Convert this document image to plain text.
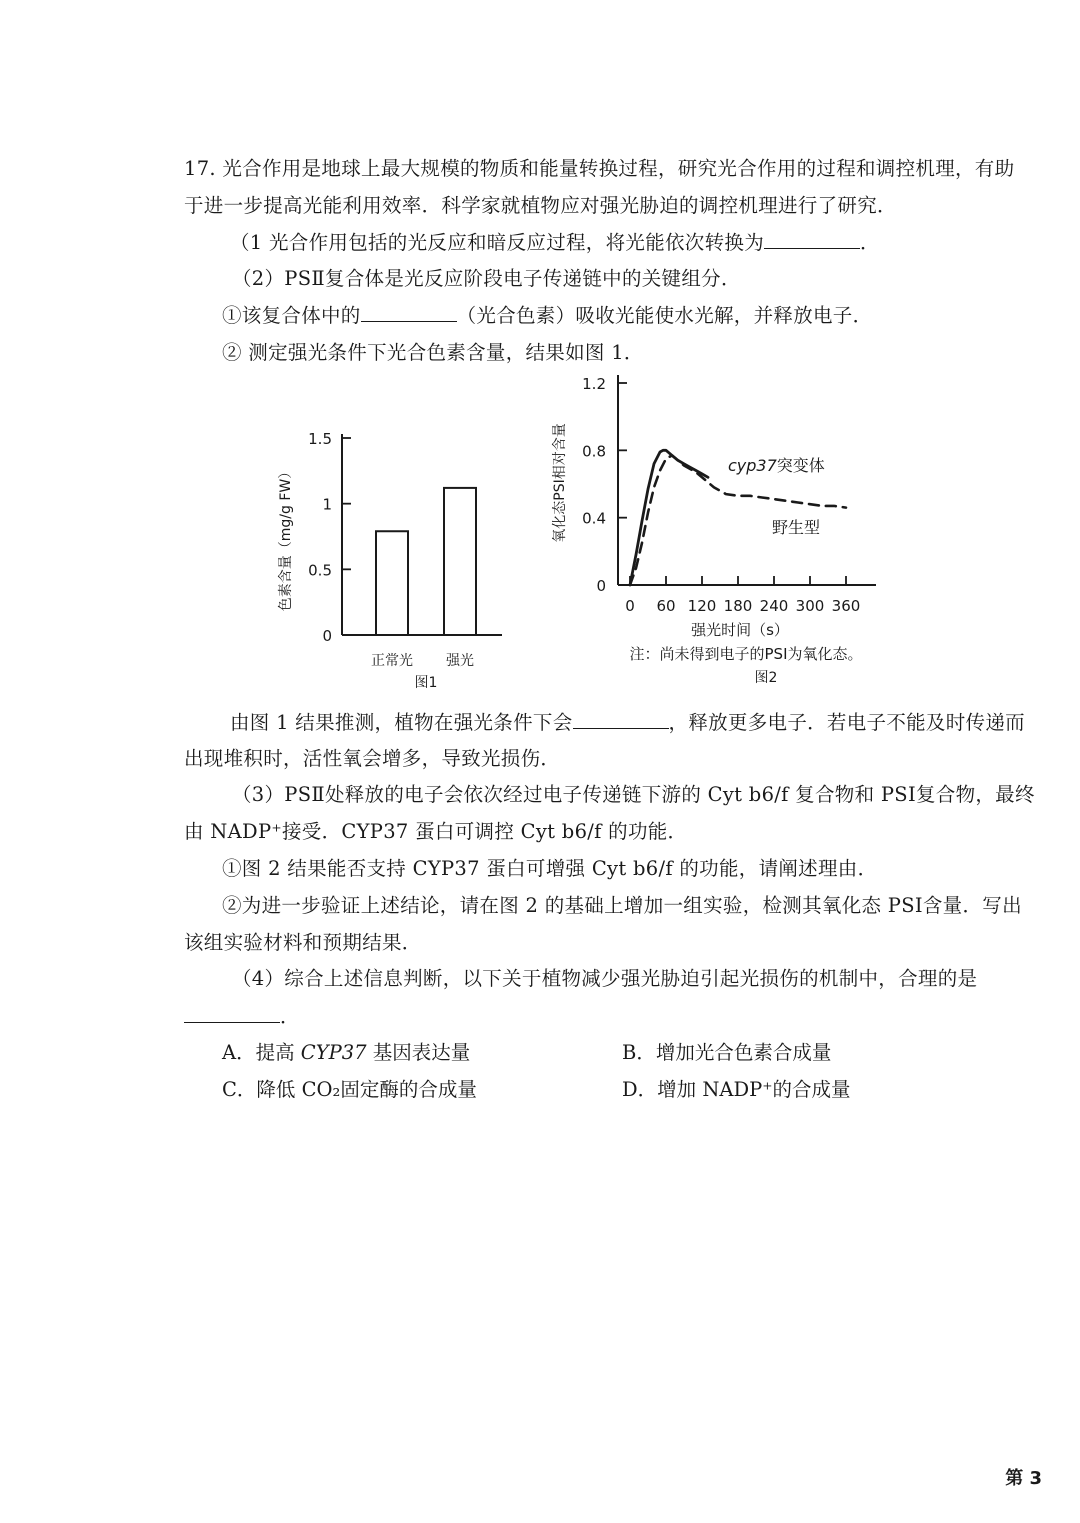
17. 光合作用是地球上最大规模的物质和能量转换过程，研究光合作用的过程和调控机理，有助
于进一步提高光能利用效率．科学家就植物应对强光胁迫的调控机理进行了研究．
（1 光合作用包括的光反应和暗反应过程，将光能依次转换为	．
（2）PSⅡ复合体是光反应阶段电子传递链中的关键组分．
①该复合体中的	（光合色素）吸收光能使水光解，并释放电子．
② 测定强光条件下光合色素含量，结果如图 1．
0
0.5
1
1.5
正常光 强光
色素含量（mg/g FW）
图1
0
0.4
0.8
1.2
0 60 120 180 240 300 360
cyp37突变体
野生型
氧化态PSⅠ相对含量
强光时间（s）
注：尚未得到电子的PSⅠ为氧化态。
图2
由图 1 结果推测，植物在强光条件下会	，释放更多电子．若电子不能及时传递而
出现堆积时，活性氧会增多，导致光损伤．
（3）PSⅡ处释放的电子会依次经过电子传递链下游的 Cyt b6/f 复合物和 PSⅠ复合物，最终
由 NADP⁺接受．CYP37 蛋白可调控 Cyt b6/f 的功能．
①图 2 结果能否支持 CYP37 蛋白可增强 Cyt b6/f 的功能，请阐述理由．
②为进一步验证上述结论，请在图 2 的基础上增加一组实验，检测其氧化态 PSⅠ含量．写出
该组实验材料和预期结果．
（4）综合上述信息判断，以下关于植物减少强光胁迫引起光损伤的机制中，合理的是
．
A．提高 CYP37 基因表达量	B．增加光合色素合成量
C．降低 CO₂固定酶的合成量	D．增加 NADP⁺的合成量
第 3
